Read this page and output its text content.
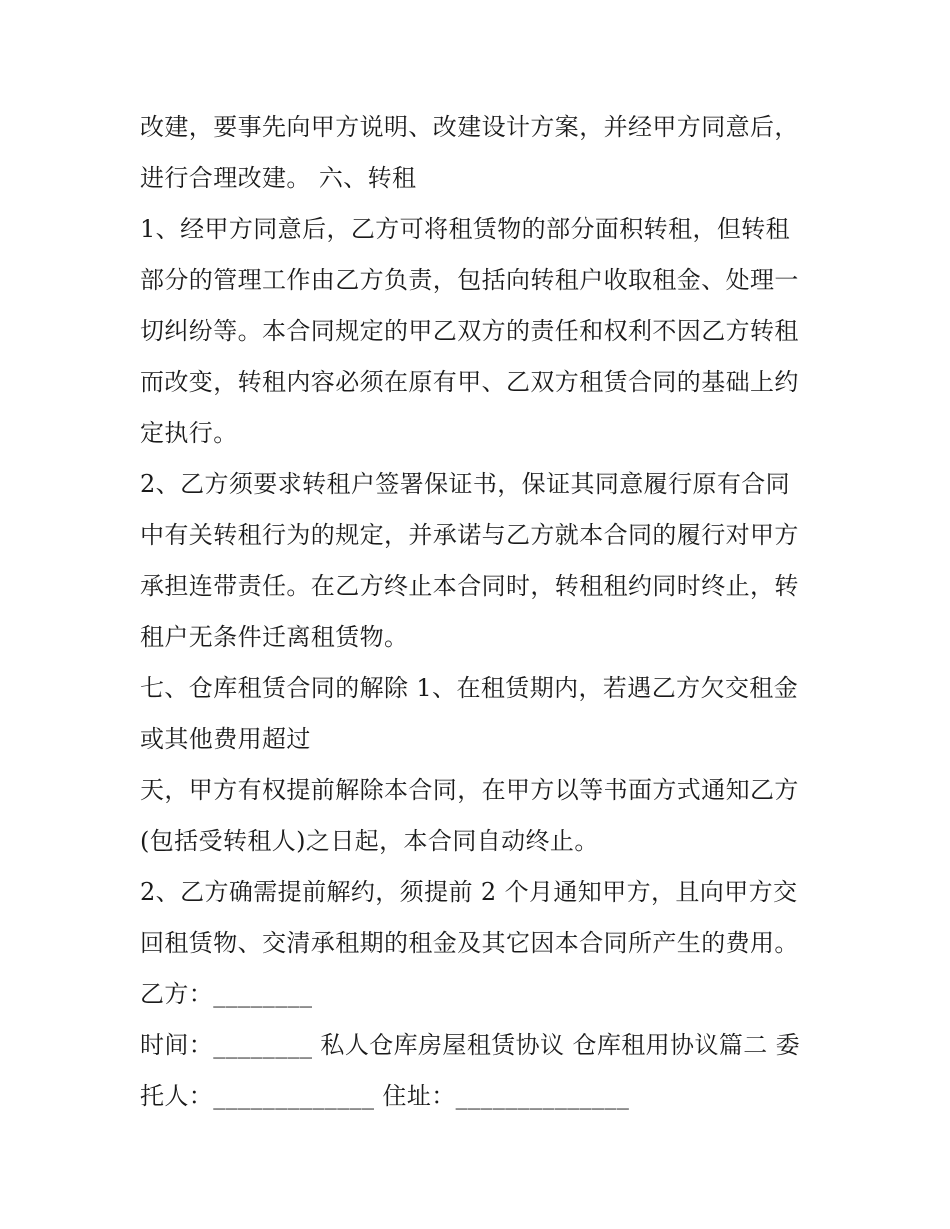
改建，要事先向甲方说明、改建设计方案，并经甲方同意后，
进行合理改建。 六、转租
1、经甲方同意后，乙方可将租赁物的部分面积转租，但转租
部分的管理工作由乙方负责，包括向转租户收取租金、处理一
切纠纷等。本合同规定的甲乙双方的责任和权利不因乙方转租
而改变，转租内容必须在原有甲、乙双方租赁合同的基础上约
定执行。
2、乙方须要求转租户签署保证书，保证其同意履行原有合同
中有关转租行为的规定，并承诺与乙方就本合同的履行对甲方
承担连带责任。在乙方终止本合同时，转租租约同时终止，转
租户无条件迁离租赁物。
七、仓库租赁合同的解除 1、在租赁期内，若遇乙方欠交租金
或其他费用超过
天，甲方有权提前解除本合同，在甲方以等书面方式通知乙方
(包括受转租人)之日起，本合同自动终止。
2、乙方确需提前解约，须提前 2 个月通知甲方，且向甲方交
回租赁物、交清承租期的租金及其它因本合同所产生的费用。
乙方：________
时间：________ 私人仓库房屋租赁协议 仓库租用协议篇二 委
托人：_____________ 住址：______________
